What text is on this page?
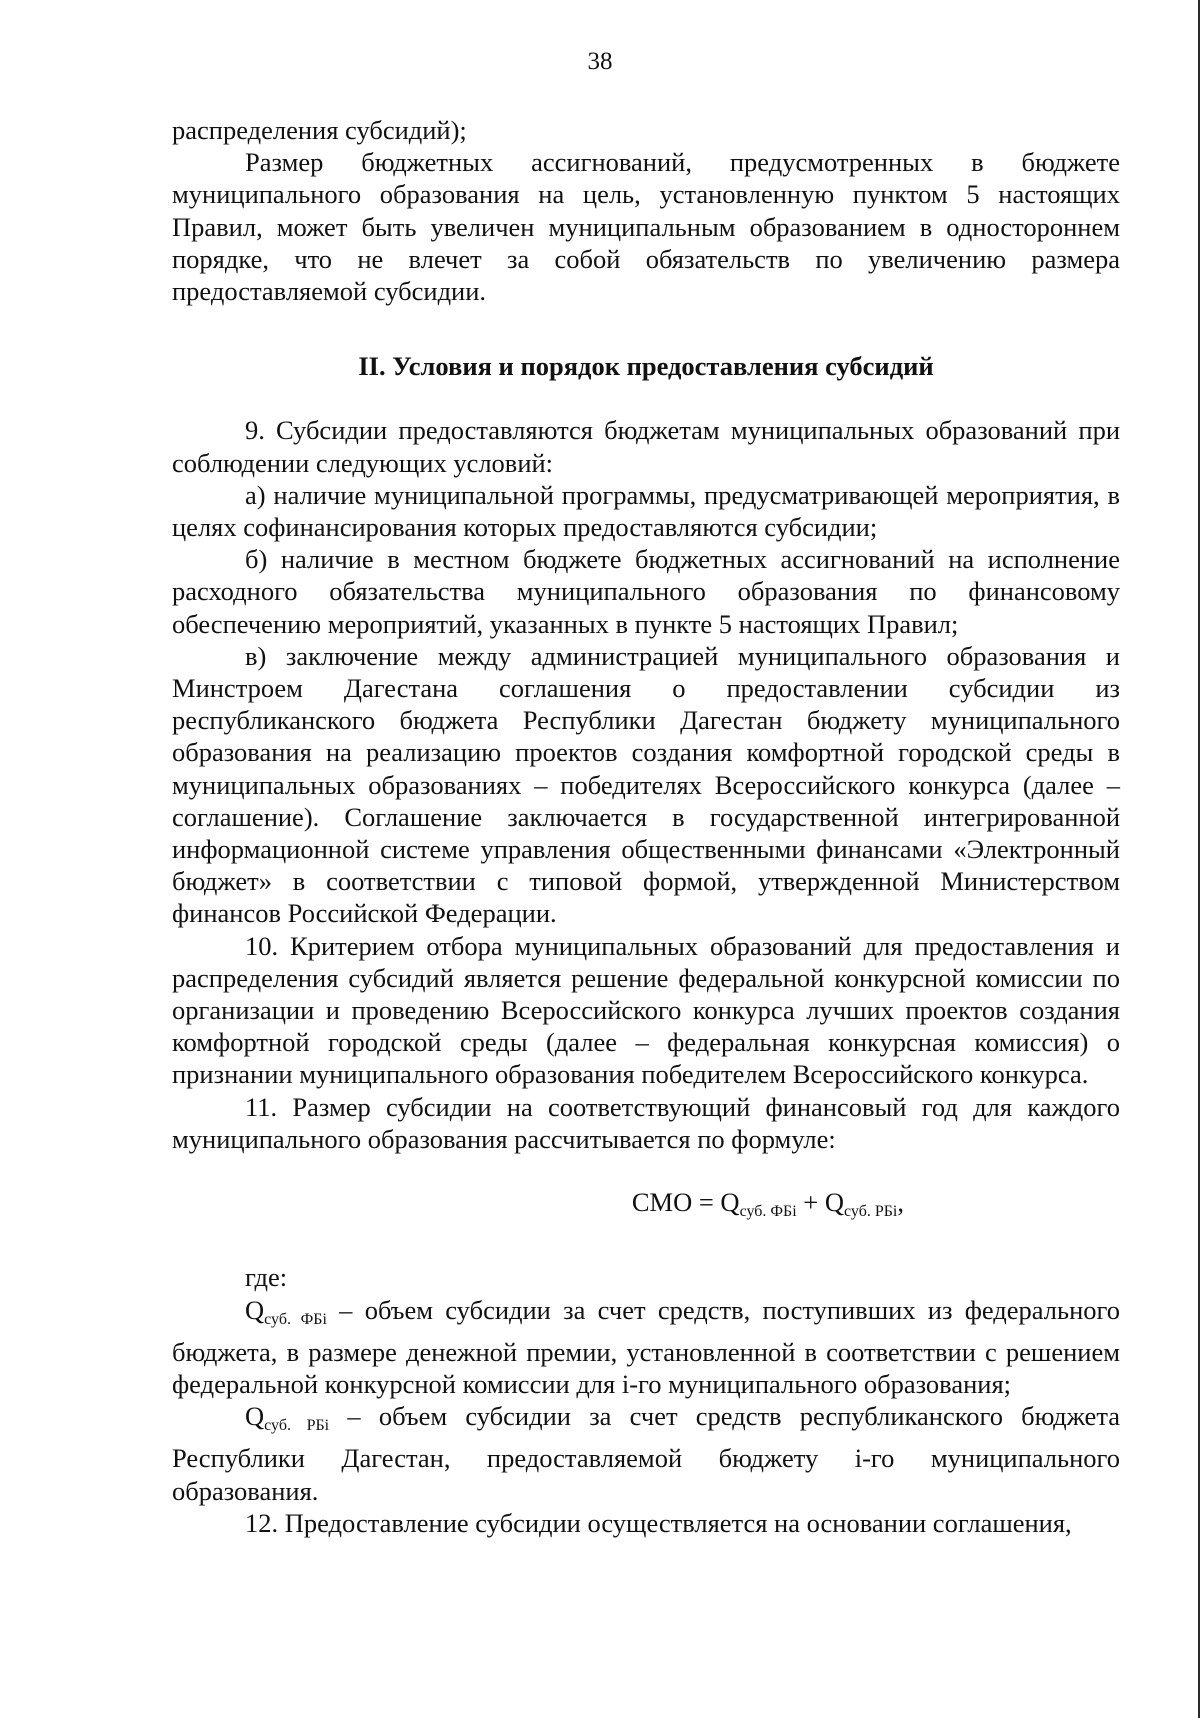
38

распределения субсидий);

Размер бюджетных ассигнований, предусмотренных в бюджете муниципального образования на цель, установленную пунктом 5 настоящих Правил, может быть увеличен муниципальным образованием в одностороннем порядке, что не влечет за собой обязательств по увеличению размера предоставляемой субсидии.

II. Условия и порядок предоставления субсидий

9. Субсидии предоставляются бюджетам муниципальных образований при соблюдении следующих условий:

а) наличие муниципальной программы, предусматривающей мероприятия, в целях софинансирования которых предоставляются субсидии;

б) наличие в местном бюджете бюджетных ассигнований на исполнение расходного обязательства муниципального образования по финансовому обеспечению мероприятий, указанных в пункте 5 настоящих Правил;

в) заключение между администрацией муниципального образования и Минстроем Дагестана соглашения о предоставлении субсидии из республиканского бюджета Республики Дагестан бюджету муниципального образования на реализацию проектов создания комфортной городской среды в муниципальных образованиях – победителях Всероссийского конкурса (далее – соглашение). Соглашение заключается в государственной интегрированной информационной системе управления общественными финансами «Электронный бюджет» в соответствии с типовой формой, утвержденной Министерством финансов Российской Федерации.

10. Критерием отбора муниципальных образований для предоставления и распределения субсидий является решение федеральной конкурсной комиссии по организации и проведению Всероссийского конкурса лучших проектов создания комфортной городской среды (далее – федеральная конкурсная комиссия) о признании муниципального образования победителем Всероссийского конкурса.

11. Размер субсидии на соответствующий финансовый год для каждого муниципального образования рассчитывается по формуле:

СМО = $Q_{суб. ФБi} + Q_{суб. РБi}$,

где:

$Q_{суб. ФБi}$ – объем субсидии за счет средств, поступивших из федерального бюджета, в размере денежной премии, установленной в соответствии с решением федеральной конкурсной комиссии для i-го муниципального образования;

$Q_{суб. РБi}$ – объем субсидии за счет средств республиканского бюджета Республики Дагестан, предоставляемой бюджету i-го муниципального образования.

12. Предоставление субсидии осуществляется на основании соглашения,
